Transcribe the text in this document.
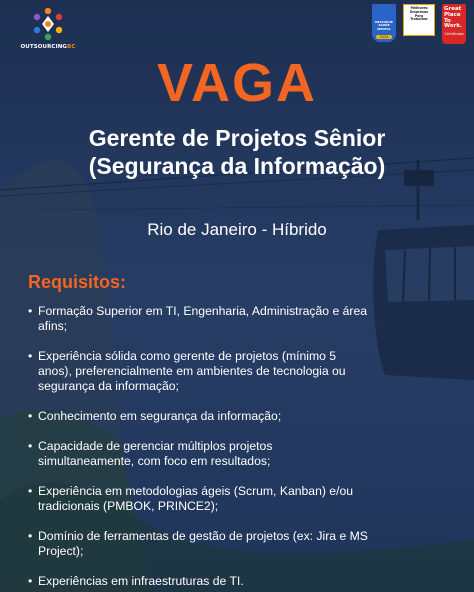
OUTSOURCINGBC
DESTAQUE SAÚDE MENTAL
2024
Melhores Empresas Para Trabalhar
Great Place To Work.
Certificada
VAGA
Gerente de Projetos Sênior
(Segurança da Informação)
Rio de Janeiro - Híbrido
Requisitos:
• Formação Superior em TI, Engenharia, Administração e área
afins;
• Experiência sólida como gerente de projetos (mínimo 5
anos), preferencialmente em ambientes de tecnologia ou
segurança da informação;
• Conhecimento em segurança da informação;
• Capacidade de gerenciar múltiplos projetos
simultaneamente, com foco em resultados;
• Experiência em metodologias ágeis (Scrum, Kanban) e/ou
tradicionais (PMBOK, PRINCE2);
• Domínio de ferramentas de gestão de projetos (ex: Jira e MS
Project);
• Experiências em infraestruturas de TI.
